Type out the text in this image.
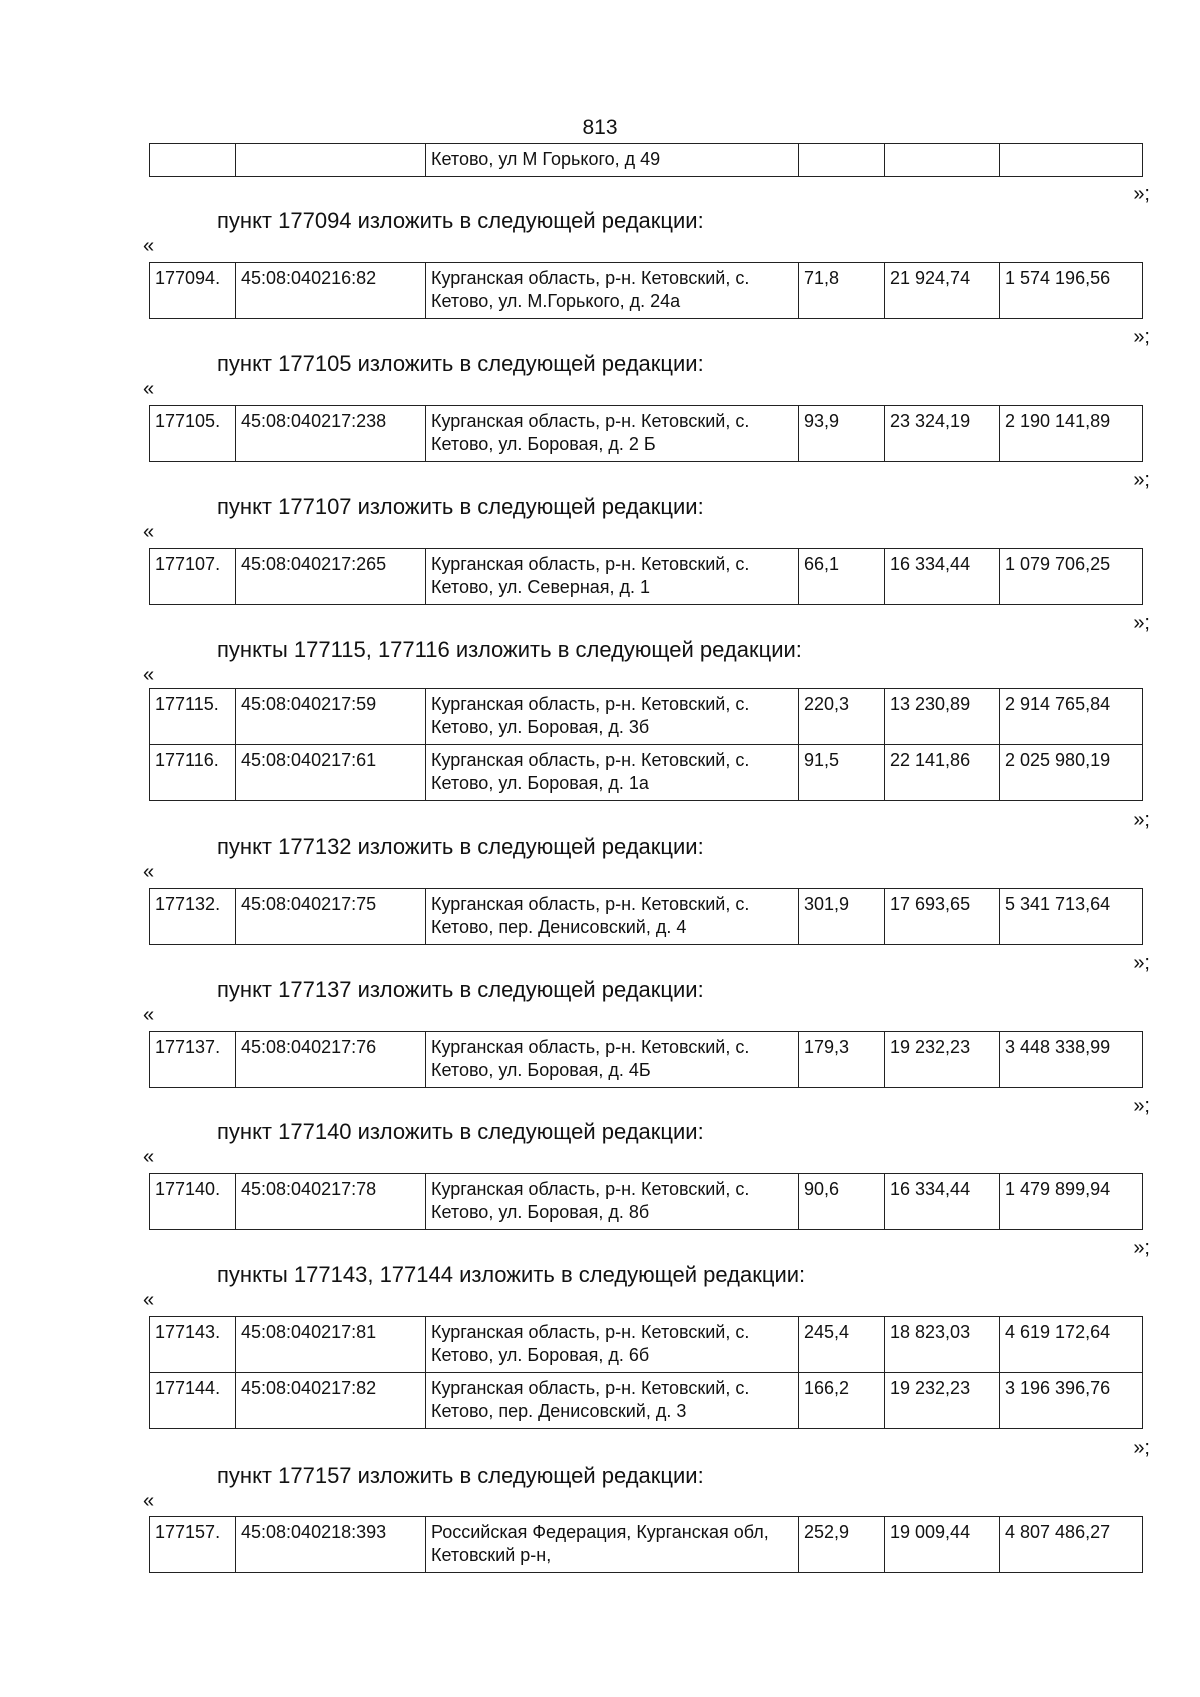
813
		Кетово, ул М Горького, д 49			
»;
пункт 177094 изложить в следующей редакции:
«
177094.	45:08:040216:82	Курганская область, р-н. Кетовский, с. Кетово, ул. М.Горького, д. 24а	71,8	21 924,74	1 574 196,56
»;
пункт 177105 изложить в следующей редакции:
«
177105.	45:08:040217:238	Курганская область, р-н. Кетовский, с. Кетово, ул. Боровая, д. 2 Б	93,9	23 324,19	2 190 141,89
»;
пункт 177107 изложить в следующей редакции:
«
177107.	45:08:040217:265	Курганская область, р-н. Кетовский, с. Кетово, ул. Северная, д. 1	66,1	16 334,44	1 079 706,25
»;
пункты 177115, 177116 изложить в следующей редакции:
«
177115.	45:08:040217:59	Курганская область, р-н. Кетовский, с. Кетово, ул. Боровая, д. 3б	220,3	13 230,89	2 914 765,84
177116.	45:08:040217:61	Курганская область, р-н. Кетовский, с. Кетово, ул. Боровая, д. 1а	91,5	22 141,86	2 025 980,19
»;
пункт 177132 изложить в следующей редакции:
«
177132.	45:08:040217:75	Курганская область, р-н. Кетовский, с. Кетово, пер. Денисовский, д. 4	301,9	17 693,65	5 341 713,64
»;
пункт 177137 изложить в следующей редакции:
«
177137.	45:08:040217:76	Курганская область, р-н. Кетовский, с. Кетово, ул. Боровая, д. 4Б	179,3	19 232,23	3 448 338,99
»;
пункт 177140 изложить в следующей редакции:
«
177140.	45:08:040217:78	Курганская область, р-н. Кетовский, с. Кетово, ул. Боровая, д. 8б	90,6	16 334,44	1 479 899,94
»;
пункты 177143, 177144 изложить в следующей редакции:
«
177143.	45:08:040217:81	Курганская область, р-н. Кетовский, с. Кетово, ул. Боровая, д. 6б	245,4	18 823,03	4 619 172,64
177144.	45:08:040217:82	Курганская область, р-н. Кетовский, с. Кетово, пер. Денисовский, д. 3	166,2	19 232,23	3 196 396,76
»;
пункт 177157 изложить в следующей редакции:
«
177157.	45:08:040218:393	Российская Федерация, Курганская обл, Кетовский р-н,	252,9	19 009,44	4 807 486,27
